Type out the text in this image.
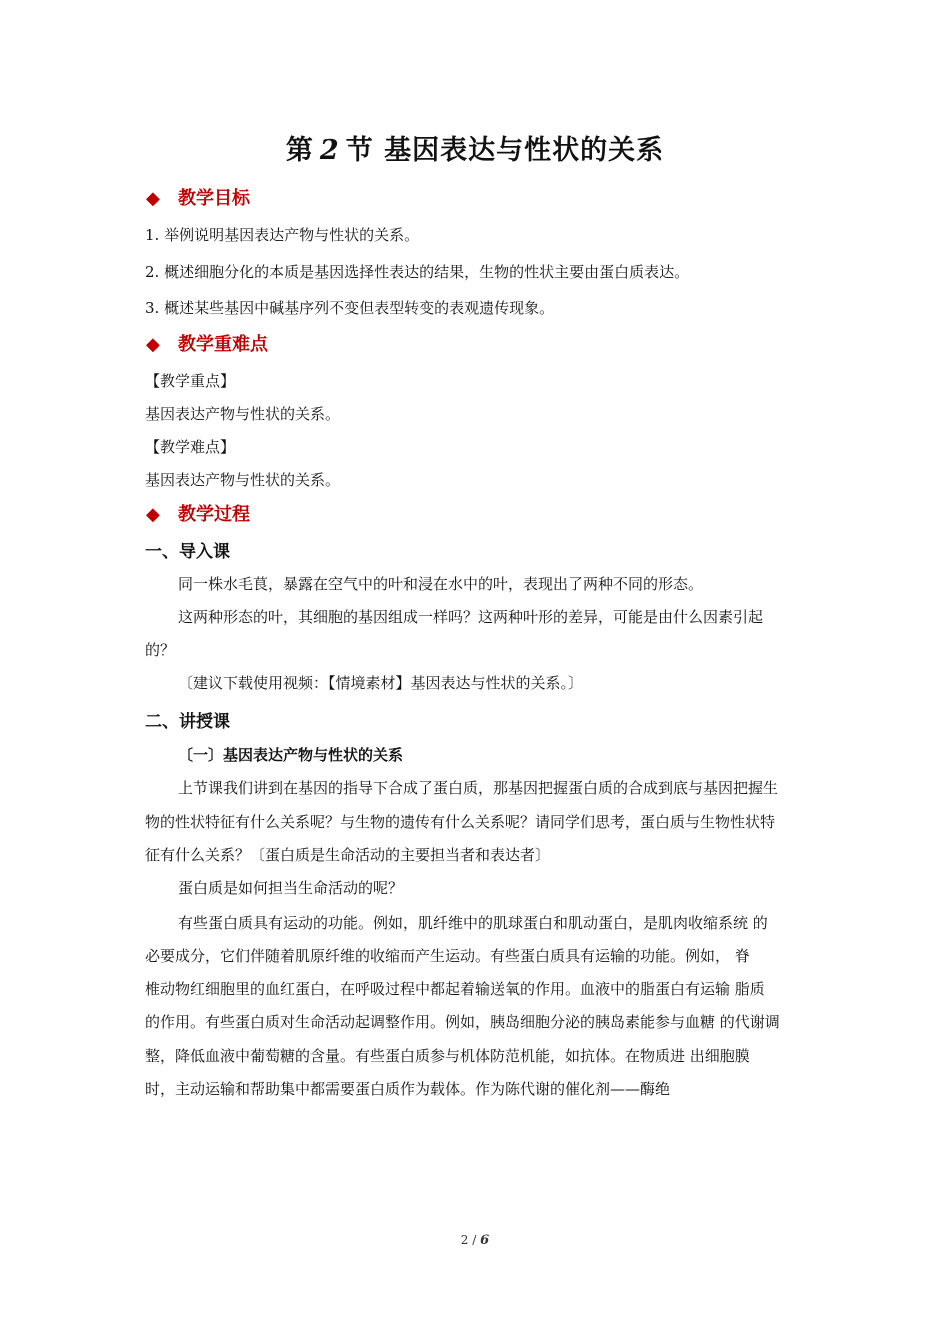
第 2 节 基因表达与性状的关系
◆ 教学目标
1. 举例说明基因表达产物与性状的关系。
2. 概述细胞分化的本质是基因选择性表达的结果，生物的性状主要由蛋白质表达。
3. 概述某些基因中碱基序列不变但表型转变的表观遗传现象。
◆ 教学重难点
【教学重点】
基因表达产物与性状的关系。
【教学难点】
基因表达产物与性状的关系。
◆ 教学过程
一、导入课
同一株水毛茛，暴露在空气中的叶和浸在水中的叶，表现出了两种不同的形态。
这两种形态的叶，其细胞的基因组成一样吗？这两种叶形的差异，可能是由什么因素引起
的？
〔建议下载使用视频：【情境素材】基因表达与性状的关系。〕
二、讲授课
〔一〕基因表达产物与性状的关系
上节课我们讲到在基因的指导下合成了蛋白质，那基因把握蛋白质的合成到底与基因把握生
物的性状特征有什么关系呢？与生物的遗传有什么关系呢？请同学们思考，蛋白质与生物性状特
征有什么关系？〔蛋白质是生命活动的主要担当者和表达者〕
蛋白质是如何担当生命活动的呢？
有些蛋白质具有运动的功能。例如，肌纤维中的肌球蛋白和肌动蛋白，是肌肉收缩系统 的
必要成分，它们伴随着肌原纤维的收缩而产生运动。有些蛋白质具有运输的功能。例如， 脊
椎动物红细胞里的血红蛋白，在呼吸过程中都起着输送氧的作用。血液中的脂蛋白有运输 脂质
的作用。有些蛋白质对生命活动起调整作用。例如，胰岛细胞分泌的胰岛素能参与血糖 的代谢调
整，降低血液中葡萄糖的含量。有些蛋白质参与机体防范机能，如抗体。在物质进 出细胞膜
时，主动运输和帮助集中都需要蛋白质作为载体。作为陈代谢的催化剂——酶绝
2 / 6
